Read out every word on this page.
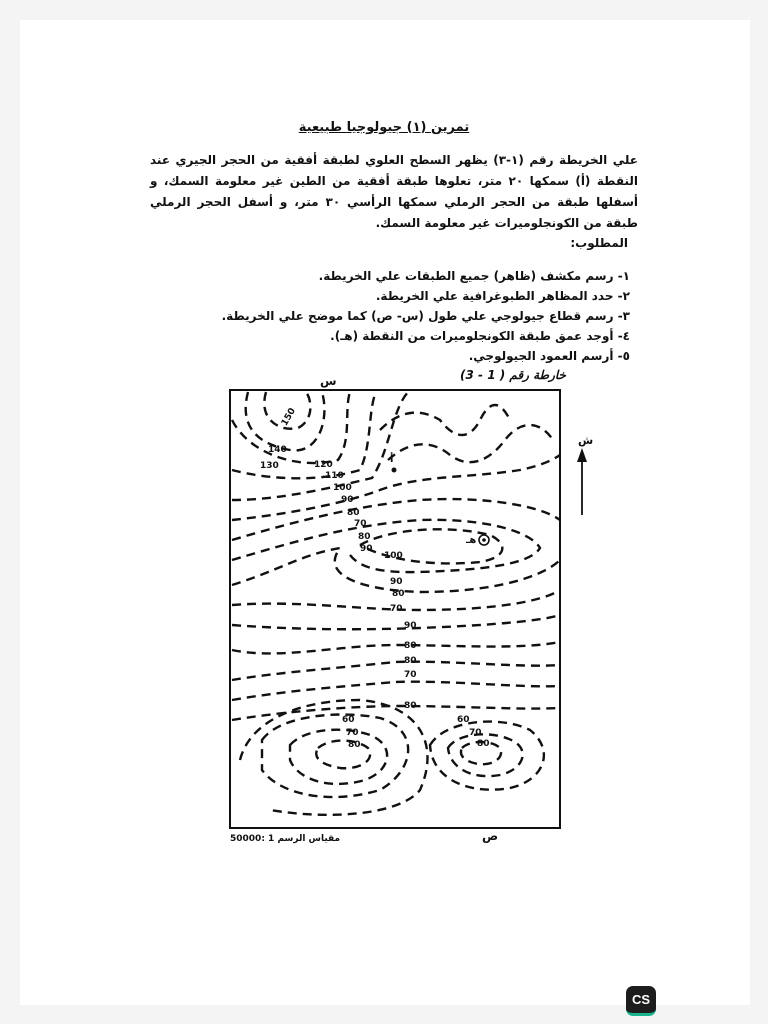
تمرين (١) جيولوجيا طبيعية
علي الخريطة رقم (١-٣) يظهر السطح العلوي لطبقة أفقية من الحجر الجيري عند النقطة (أ) سمكها ٢٠ متر، تعلوها طبقة أفقية من الطين غير معلومة السمك، و أسفلها طبقة من الحجر الرملي سمكها الرأسي ٣٠ متر، و أسفل الحجر الرملي طبقة من الكونجلوميرات غير معلومة السمك.
المطلوب:
١- رسم مكشف (ظاهر) جميع الطبقات علي الخريطة.
٢- حدد المظاهر الطبوغرافية علي الخريطة.
٣- رسم قطاع جيولوجي علي طول (س- ص) كما موضح علي الخريطة.
٤- أوجد عمق طبقة الكونجلوميرات من النقطة (هـ).
٥- أرسم العمود الجيولوجي.
خارطة رقم ( 1 - 3)
150
140
130	120
110
100
90
80
70
80
90
100
90
80
70
90
80
80
70
80
60
70
80
60
70
80
أ
هـ
ش
س
ص
مقياس الرسم 1 :50000
CS
